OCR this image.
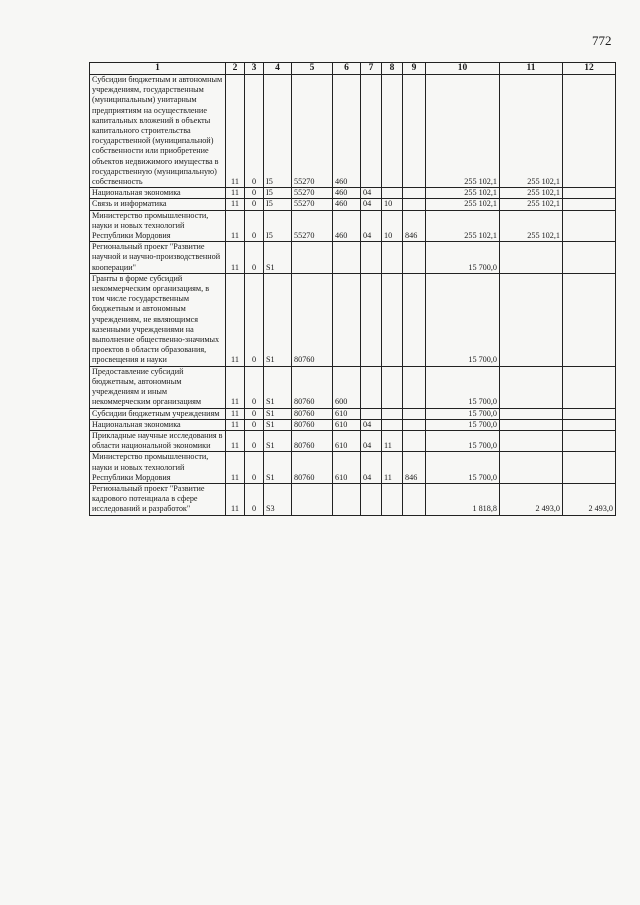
772
1	2	3	4	5	6	7	8	9	10	11	12
Субсидии бюджетным и автономным учреждениям, государственным (муниципальным) унитарным предприятиям на осуществление капитальных вложений в объекты капитального строительства государственной (муниципальной) собственности или приобретение объектов недвижимого имущества в государственную (муниципальную) собственность	11	0	I5	55270	460				255 102,1	255 102,1	
Национальная экономика	11	0	I5	55270	460	04			255 102,1	255 102,1	
Связь и информатика	11	0	I5	55270	460	04	10		255 102,1	255 102,1	
Министерство промышленности, науки и новых технологий Республики Мордовия	11	0	I5	55270	460	04	10	846	255 102,1	255 102,1	
Региональный проект "Развитие научной и научно-производственной кооперации"	11	0	S1						15 700,0		
Гранты в форме субсидий некоммерческим организациям, в том числе государственным бюджетным и автономным учреждениям, не являющимся казенными учреждениями на выполнение общественно-значимых проектов в области образования, просвещения и науки	11	0	S1	80760					15 700,0		
Предоставление субсидий бюджетным, автономным учреждениям и иным некоммерческим организациям	11	0	S1	80760	600				15 700,0		
Субсидии бюджетным учреждениям	11	0	S1	80760	610				15 700,0		
Национальная экономика	11	0	S1	80760	610	04			15 700,0		
Прикладные научные исследования в области национальной экономики	11	0	S1	80760	610	04	11		15 700,0		
Министерство промышленности, науки и новых технологий Республики Мордовия	11	0	S1	80760	610	04	11	846	15 700,0		
Региональный проект "Развитие кадрового потенциала в сфере исследований и разработок"	11	0	S3						1 818,8	2 493,0	2 493,0
